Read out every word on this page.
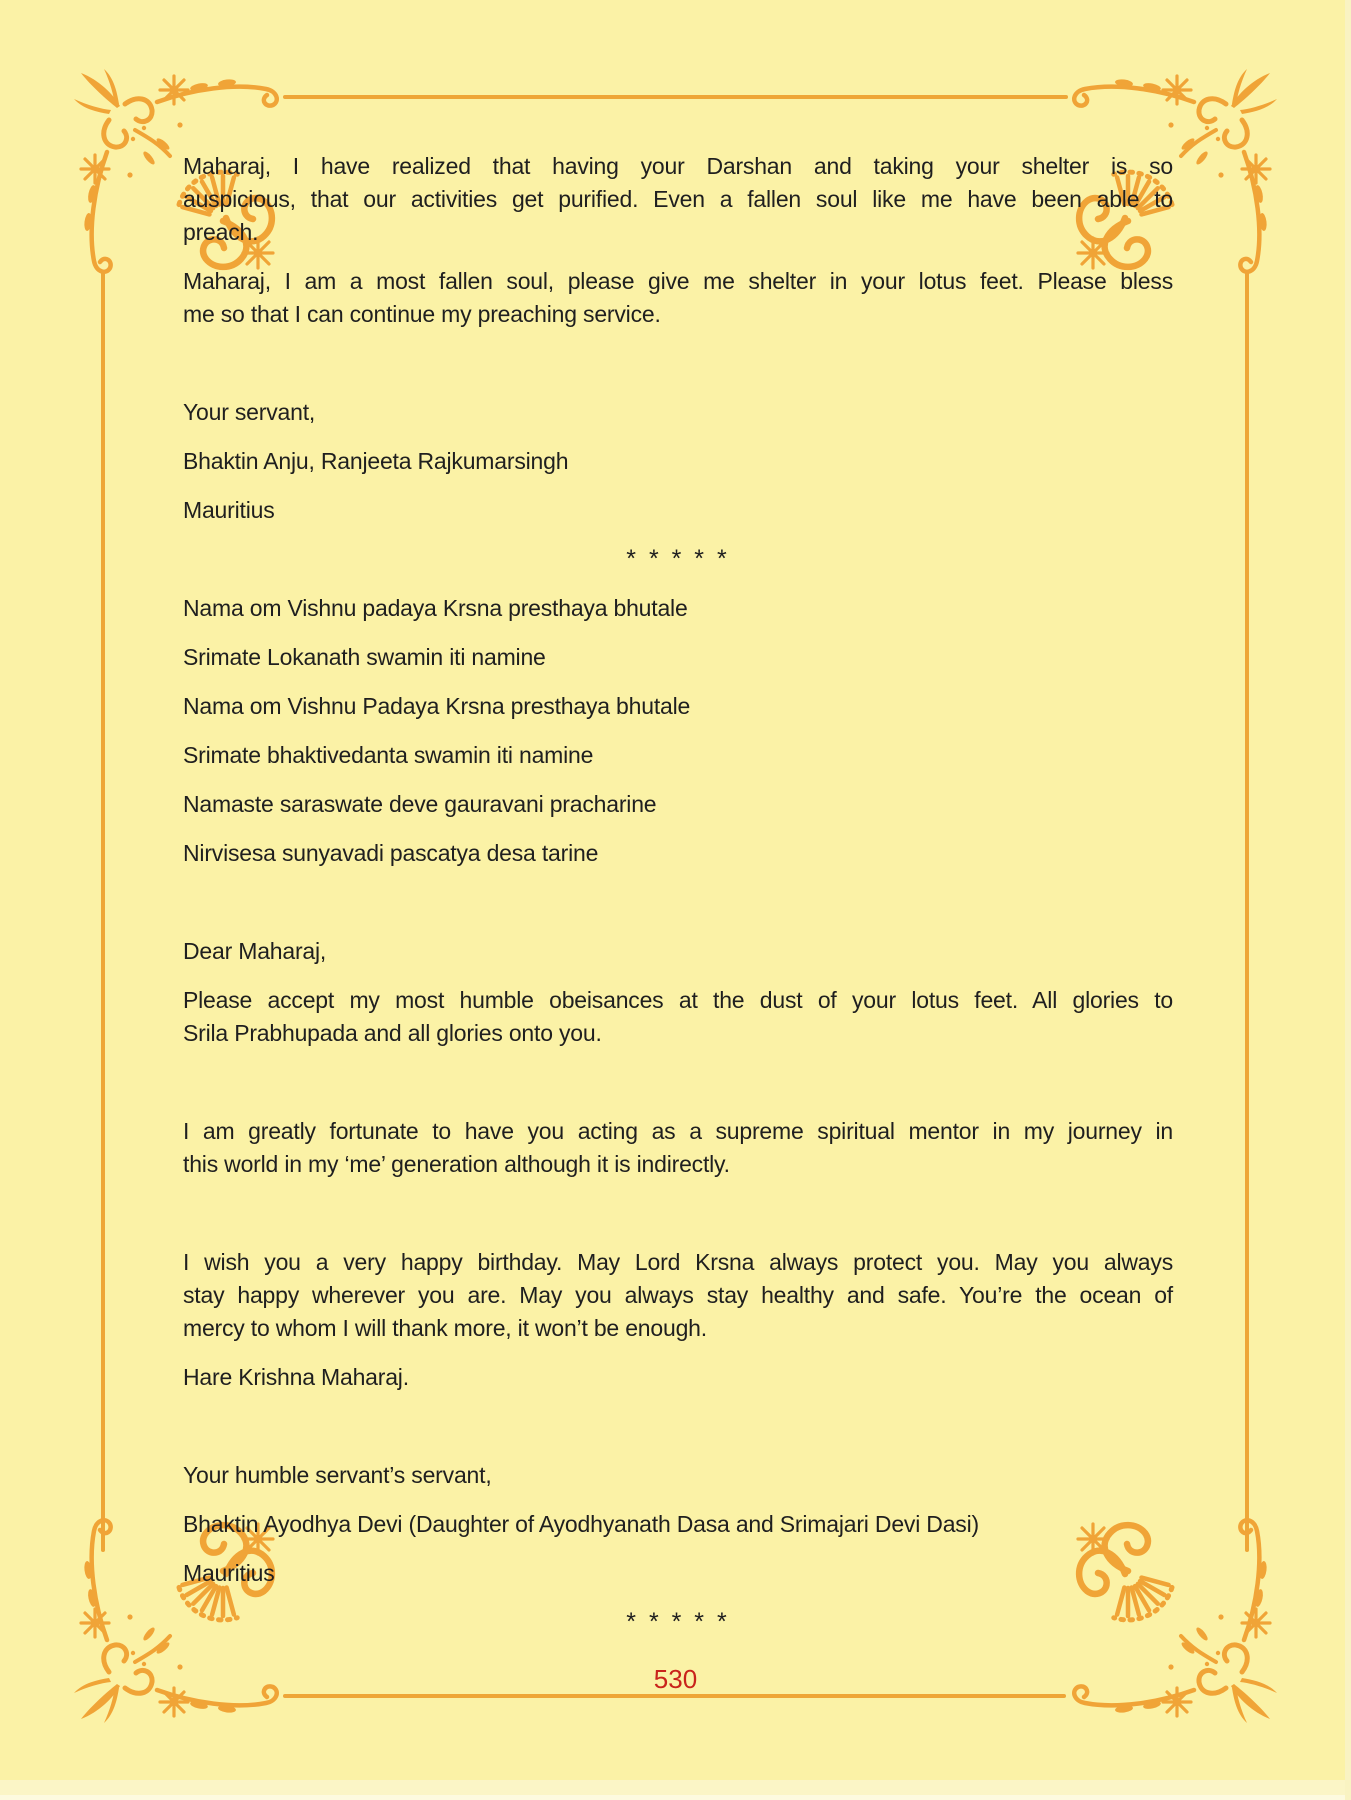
Maharaj, I have realized that having your Darshan and taking your shelter is so
auspicious, that our activities get purified. Even a fallen soul like me have been able to
preach.
Maharaj, I am a most fallen soul, please give me shelter in your lotus feet. Please bless
me so that I can continue my preaching service.
Your servant,
Bhaktin Anju, Ranjeeta Rajkumarsingh
Mauritius
* * * * *
Nama om Vishnu padaya Krsna presthaya bhutale
Srimate Lokanath swamin iti namine
Nama om Vishnu Padaya Krsna presthaya bhutale
Srimate bhaktivedanta swamin iti namine
Namaste saraswate deve gauravani pracharine
Nirvisesa sunyavadi pascatya desa tarine
Dear Maharaj,
Please accept my most humble obeisances at the dust of your lotus feet. All glories to
Srila Prabhupada and all glories onto you.
I am greatly fortunate to have you acting as a supreme spiritual mentor in my journey in
this world in my ‘me’ generation although it is indirectly.
I wish you a very happy birthday. May Lord Krsna always protect you. May you always
stay happy wherever you are. May you always stay healthy and safe. You’re the ocean of
mercy to whom I will thank more, it won’t be enough.
Hare Krishna Maharaj.
Your humble servant’s servant,
Bhaktin Ayodhya Devi (Daughter of Ayodhyanath Dasa and Srimajari Devi Dasi)
Mauritius
* * * * *
530
